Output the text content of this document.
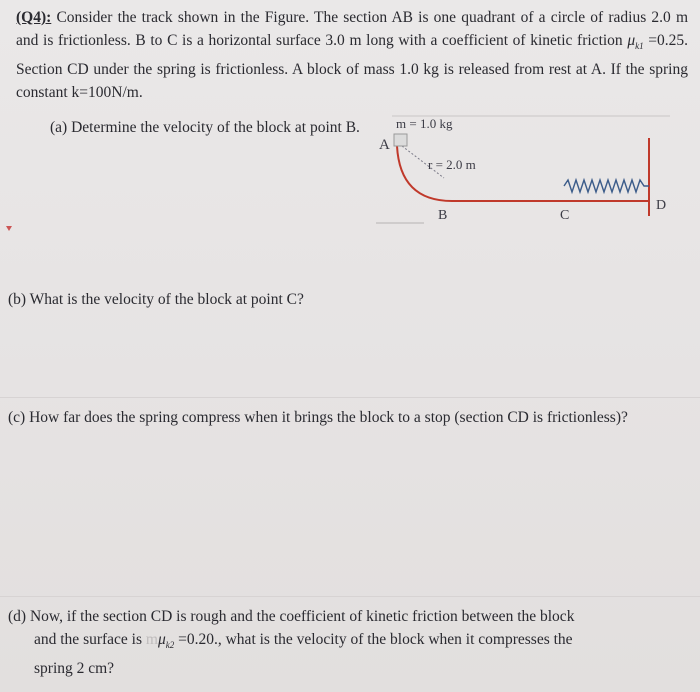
(Q4): Consider the track shown in the Figure. The section AB is one quadrant of a circle of radius 2.0 m and is frictionless. B to C is a horizontal surface 3.0 m long with a coefficient of kinetic friction $\mu_{k1} =0.25$. Section CD under the spring is frictionless. A block of mass 1.0 kg is released from rest at A. If the spring constant k=100N/m.
(a) Determine the velocity of the block at point B.
A
m = 1.0 kg
r = 2.0 m
B	C
D
(b) What is the velocity of the block at point C?
(c) How far does the spring compress when it brings the block to a stop (section CD is frictionless)?
(d) Now, if the section CD is rough and the coefficient of kinetic friction between the block
and the surface is $m\mu_{k2} =0.20$., what is the velocity of the block when it compresses the
spring 2 cm?
